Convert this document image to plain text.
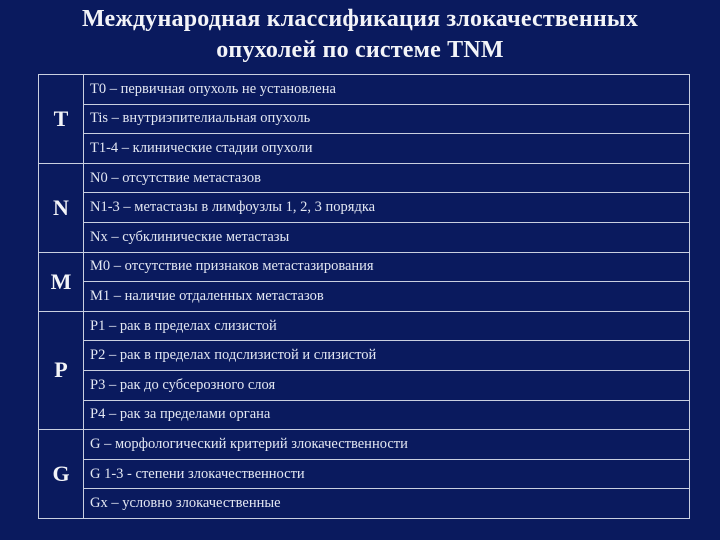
Международная классификация злокачественных
опухолей по системе TNM
T	T0 – первичная опухоль не установлена
	Tis – внутриэпителиальная опухоль
	T1-4 – клинические стадии опухоли
N	N0 – отсутствие метастазов
	N1-3 – метастазы в лимфоузлы 1, 2, 3 порядка
	Nx – субклинические метастазы
M	M0 – отсутствие признаков метастазирования
	M1 – наличие отдаленных метастазов
P	P1 – рак в пределах слизистой
	P2 – рак в пределах подслизистой и слизистой
	P3 – рак до субсерозного слоя
	P4 – рак за пределами органа
G	G – морфологический критерий злокачественности
	G 1-3 - степени злокачественности
	Gx – условно злокачественные
